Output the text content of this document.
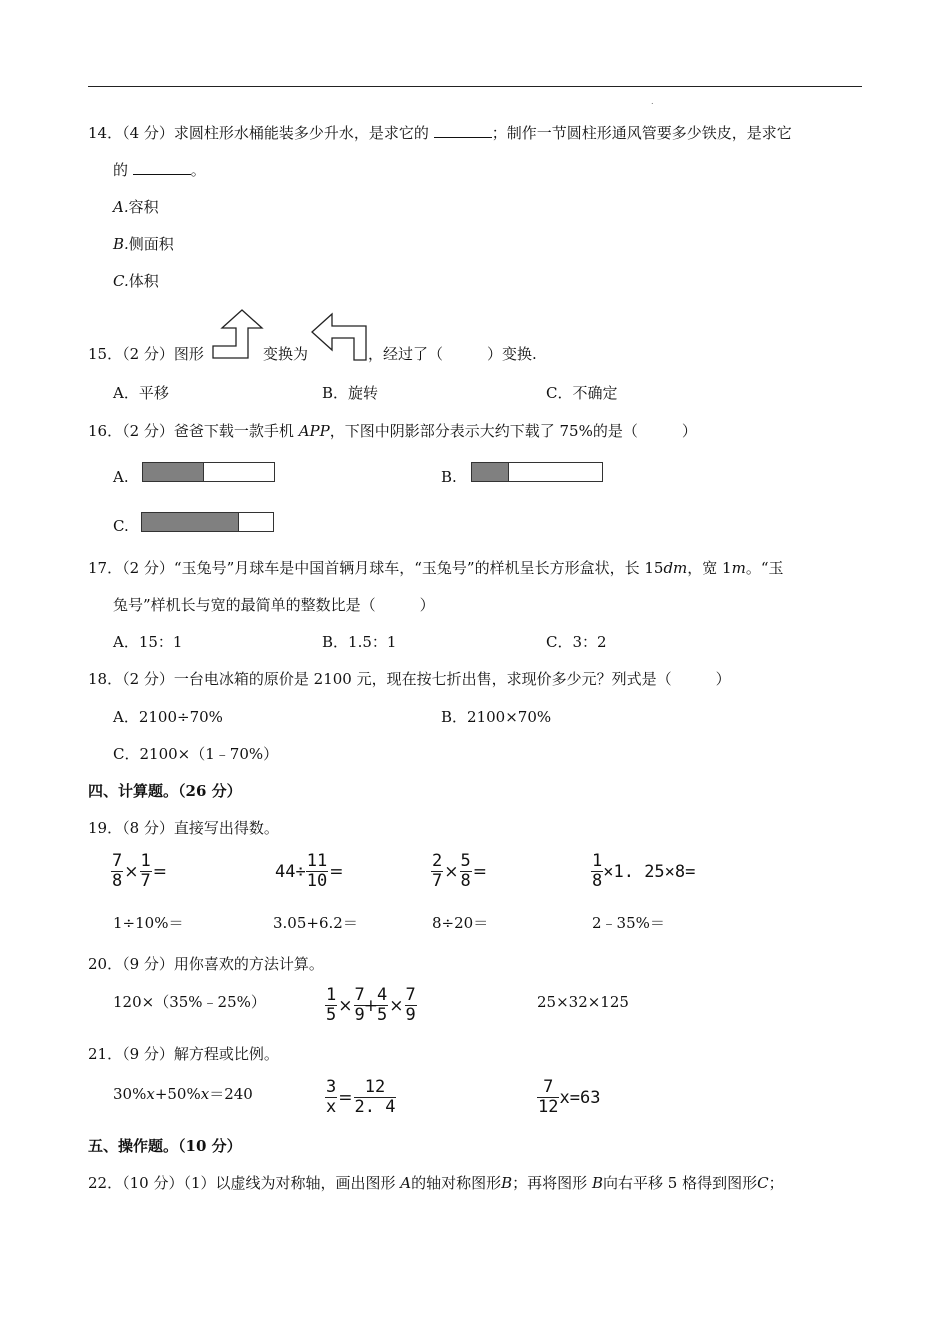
.
14．（4 分）求圆柱形水桶能装多少升水，是求它的	；制作一节圆柱形通风管要多少铁皮，是求它
的	。
A.容积
B.侧面积
C.体积
15．（2 分）图形	变换为	，经过了（	）变换.
A．平移	B．旋转	C．不确定
16．（2 分）爸爸下载一款手机 APP，下图中阴影部分表示大约下载了 75%的是（	）
A.	B.
C.
17．（2 分）“玉兔号”月球车是中国首辆月球车，“玉兔号”的样机呈长方形盒状，长 15dm，宽 1m。“玉
兔号”样机长与宽的最简单的整数比是（	）
A．15：1	B．1.5：1	C．3：2
18．（2 分）一台电冰箱的原价是 2100 元，现在按七折出售，求现价多少元？列式是（	）
A．2100÷70%	B．2100×70%
C．2100×（1﹣70%）
四、计算题。（26 分）
19．（8 分）直接写出得数。
$\frac{7}{8} \times \frac{1}{7}$ =	$44\div \frac{11}{10}$ =	$\frac{2}{7} \times \frac{5}{8}$ =	$\frac{1}{8} \times 1$. 25×8=
1÷10%＝	3.05+6.2＝	8÷20＝	2﹣35%＝
20．（9 分）用你喜欢的方法计算。
120×（35%﹣25%）	$\frac{1}{5} \times \frac{7}{9}$
+
$\frac{4}{5} \times \frac{7}{9}$	25×32×125
21．（9 分）解方程或比例。
30%x+50%x＝240	$\frac{3}{x} = \frac{12}{2. 4}$	$\frac{7}{12} x=63$
五、操作题。（10 分）
22．（10 分）（1）以虚线为对称轴，画出图形 A的轴对称图形B；再将图形 B向右平移 5 格得到图形C；
